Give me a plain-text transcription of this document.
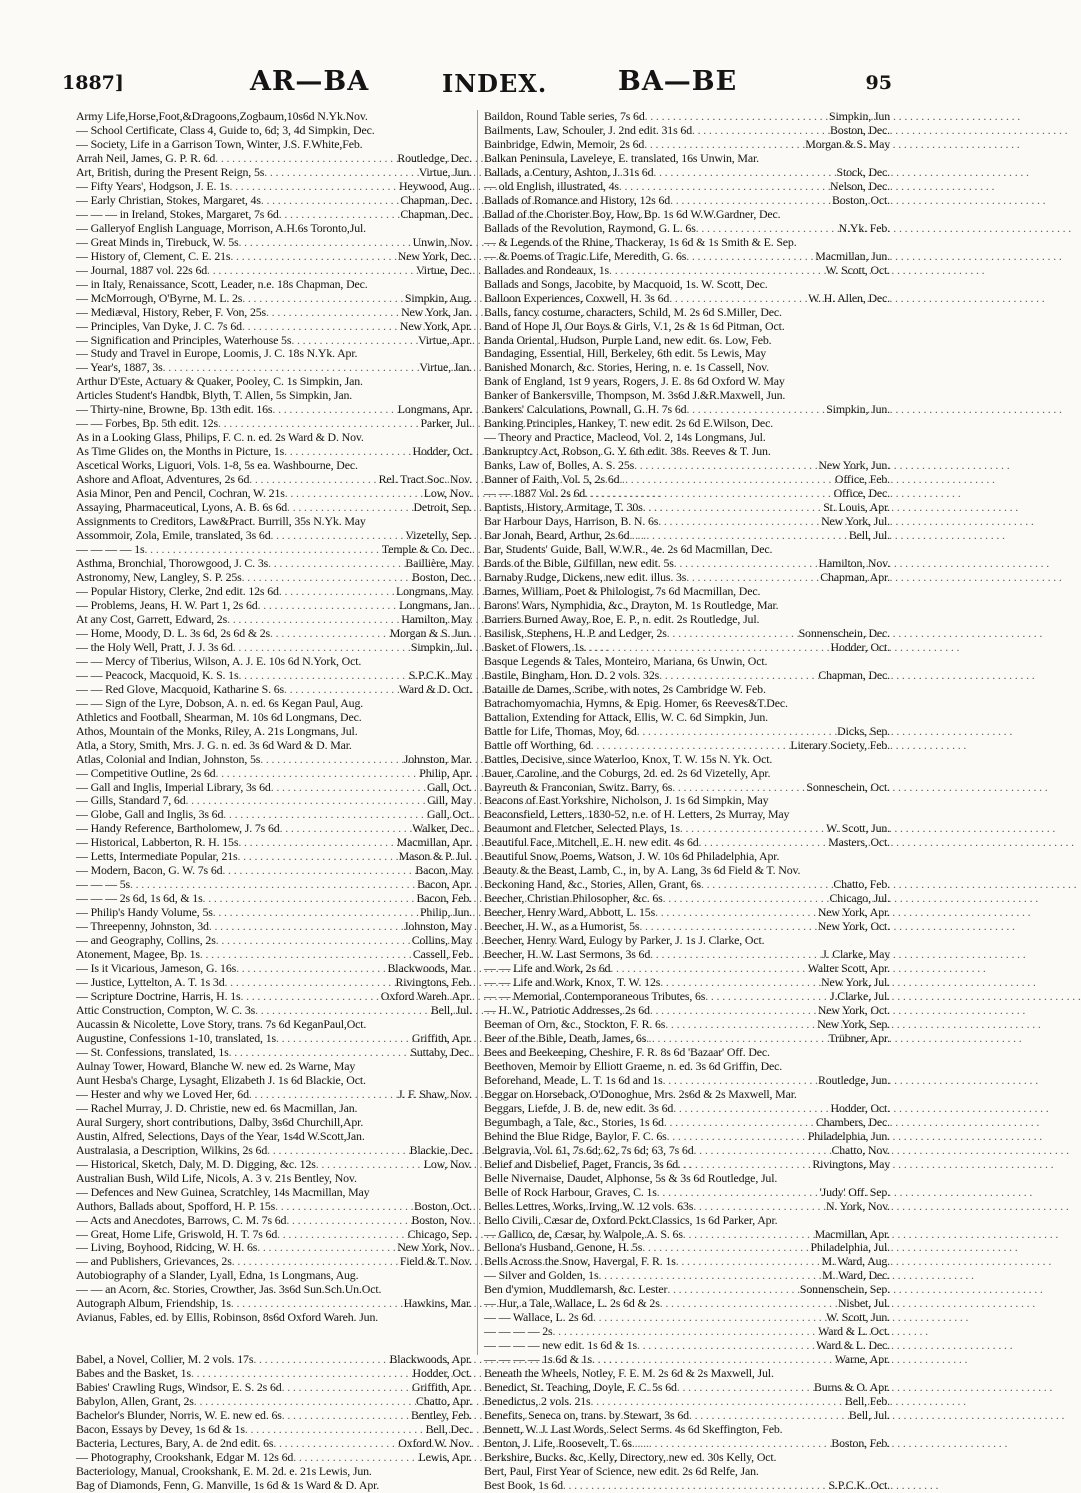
1887]	AR—BA	INDEX.	BA—BE	95
Army Life,Horse,Foot,&Dragoons,Zogbaum,10s6d N.Yk.Nov.
— School Certificate, Class 4, Guide to, 6d; 3, 4d Simpkin, Dec.
— Society, Life in a Garrison Town, Winter, J.S. F.White,Feb.
Arrah Neil, James, G. P. R. 6d . . .	Routledge, Dec.
Art, British, during the Present Reign, 5s . . .	Virtue, Jun.
— Fifty Years', Hodgson, J. E. 1s . . .	Heywood, Aug.
— Early Christian, Stokes, Margaret, 4s . . .	Chapman, Dec.
— — — in Ireland, Stokes, Margaret, 7s 6d . . .	Chapman, Dec.
— Galleryof English Language, Morrison, A.H.6s Toronto,Jul.
— Great Minds in, Tirebuck, W. 5s . . .	Unwin, Nov.
— History of, Clement, C. E. 21s . . .	New York, Dec.
— Journal, 1887 vol. 22s 6d . . .	Virtue, Dec.
— in Italy, Renaissance, Scott, Leader, n.e. 18s Chapman, Dec.
— McMorrough, O'Byrne, M. L. 2s . . .	Simpkin, Aug.
— Mediæval, History, Reber, F. Von, 25s . . .	New York, Jan.
— Principles, Van Dyke, J. C. 7s 6d . . .	New York, Apr.
— Signification and Principles, Waterhouse 5s . . .	Virtue, Apr.
— Study and Travel in Europe, Loomis, J. C. 18s N.Yk. Apr.
— Year's, 1887, 3s . . .	Virtue, Jan.
Arthur D'Este, Actuary & Quaker, Pooley, C. 1s Simpkin, Jan.
Articles Student's Handbk, Blyth, T. Allen, 5s Simpkin, Jan.
— Thirty-nine, Browne, Bp. 13th edit. 16s . . .	Longmans, Apr.
— — Forbes, Bp. 5th edit. 12s . . .	Parker, Jul.
As in a Looking Glass, Philips, F. C. n. ed. 2s Ward & D. Nov.
As Time Glides on, the Months in Picture, 1s . . .	Hodder, Oct.
Ascetical Works, Liguori, Vols. 1-8, 5s ea. Washbourne, Dec.
Ashore and Afloat, Adventures, 2s 6d . . .	Rel. Tract Soc. Nov.
Asia Minor, Pen and Pencil, Cochran, W. 21s . . .	Low, Nov.
Assaying, Pharmaceutical, Lyons, A. B. 6s 6d . . .	Detroit, Sep.
Assignments to Creditors, Law&Pract. Burrill, 35s N.Yk. May
Assommoir, Zola, Emile, translated, 3s 6d . . .	Vizetelly, Sep.
— — — — 1s . . .	Temple & Co. Dec.
Asthma, Bronchial, Thorowgood, J. C. 3s . . .	Baillière, May
Astronomy, New, Langley, S. P. 25s . . .	Boston, Dec.
— Popular History, Clerke, 2nd edit. 12s 6d . . .	Longmans, May
— Problems, Jeans, H. W. Part 1, 2s 6d . . .	Longmans, Jan.
At any Cost, Garrett, Edward, 2s . . .	Hamilton, May
— Home, Moody, D. L. 3s 6d, 2s 6d & 2s . . .	Morgan & S. Jun.
— the Holy Well, Pratt, J. J. 3s 6d . . .	Simpkin, Jul.
— — Mercy of Tiberius, Wilson, A. J. E. 10s 6d N.York, Oct.
— — Peacock, Macquoid, K. S. 1s . . .	S.P.C.K. May
— — Red Glove, Macquoid, Katharine S. 6s . . .	Ward & D. Oct.
— — Sign of the Lyre, Dobson, A. n. ed. 6s Kegan Paul, Aug.
Athletics and Football, Shearman, M. 10s 6d Longmans, Dec.
Athos, Mountain of the Monks, Riley, A. 21s Longmans, Jul.
Atla, a Story, Smith, Mrs. J. G. n. ed. 3s 6d Ward & D. Mar.
Atlas, Colonial and Indian, Johnston, 5s . . .	Johnston, Mar.
— Competitive Outline, 2s 6d . . .	Philip, Apr.
— Gall and Inglis, Imperial Library, 3s 6d . . .	Gall, Oct.
— Gills, Standard 7, 6d . . .	Gill, May
— Globe, Gall and Inglis, 3s 6d . . .	Gall, Oct.
— Handy Reference, Bartholomew, J. 7s 6d . . .	Walker, Dec.
— Historical, Labberton, R. H. 15s . . .	Macmillan, Apr.
— Letts, Intermediate Popular, 21s . . .	Mason & P. Jul.
— Modern, Bacon, G. W. 7s 6d . . .	Bacon, May
— — — 5s . . .	Bacon, Apr.
— — — 2s 6d, 1s 6d, & 1s . . .	Bacon, Feb.
— Philip's Handy Volume, 5s . . .	Philip, Jun.
— Threepenny, Johnston, 3d . . .	Johnston, May
— and Geography, Collins, 2s . . .	Collins, May
Atonement, Magee, Bp. 1s . . .	Cassell, Feb.
— Is it Vicarious, Jameson, G. 16s . . .	Blackwoods, Mar.
— Justice, Lyttelton, A. T. 1s 3d . . .	Rivingtons, Feb.
— Scripture Doctrine, Harris, H. 1s . . .	Oxford Wareh. Apr.
Attic Construction, Compton, W. C. 3s . . .	Bell, Jul.
Aucassin & Nicolette, Love Story, trans. 7s 6d KeganPaul,Oct.
Augustine, Confessions 1-10, translated, 1s . . .	Griffith, Apr.
— St. Confessions, translated, 1s . . .	Suttaby, Dec.
Aulnay Tower, Howard, Blanche W. new ed. 2s Warne, May
Aunt Hesba's Charge, Lysaght, Elizabeth J. 1s 6d Blackie, Oct.
— Hester and why we Loved Her, 6d . . .	J. F. Shaw, Nov.
— Rachel Murray, J. D. Christie, new ed. 6s Macmillan, Jan.
Aural Surgery, short contributions, Dalby, 3s6d Churchill,Apr.
Austin, Alfred, Selections, Days of the Year, 1s4d W.Scott,Jan.
Australasia, a Description, Wilkins, 2s 6d . . .	Blackie, Dec.
— Historical, Sketch, Daly, M. D. Digging, &c. 12s . . .	Low, Nov.
Australian Bush, Wild Life, Nicols, A. 3 v. 21s Bentley, Nov.
— Defences and New Guinea, Scratchley, 14s Macmillan, May
Authors, Ballads about, Spofford, H. P. 15s . . .	Boston, Oct.
— Acts and Anecdotes, Barrows, C. M. 7s 6d . . .	Boston, Nov.
— Great, Home Life, Griswold, H. T. 7s 6d . . .	Chicago, Sep.
— Living, Boyhood, Ridcing, W. H. 6s . . .	New York, Nov.
— and Publishers, Grievances, 2s . . .	Field & T. Nov.
Autobiography of a Slander, Lyall, Edna, 1s Longmans, Aug.
— — an Acorn, &c. Stories, Crowther, Jas. 3s6d Sun.Sch.Un.Oct.
Autograph Album, Friendship, 1s . . .	Hawkins, Mar.
Avianus, Fables, ed. by Ellis, Robinson, 8s6d Oxford Wareh. Jun.
Babel, a Novel, Collier, M. 2 vols. 17s . . .	Blackwoods, Apr.
Babes and the Basket, 1s . . .	Hodder, Oct.
Babies' Crawling Rugs, Windsor, E. S. 2s 6d . . .	Griffith, Apr.
Babylon, Allen, Grant, 2s . . .	Chatto, Apr.
Bachelor's Blunder, Norris, W. E. new ed. 6s . . .	Bentley, Feb.
Bacon, Essays by Devey, 1s 6d & 1s . . .	Bell, Dec.
Bacteria, Lectures, Bary, A. de 2nd edit. 6s . . .	Oxford W. Nov.
— Photography, Crookshank, Edgar M. 12s 6d . . .	Lewis, Apr.
Bacteriology, Manual, Crookshank, E. M. 2d. e. 21s Lewis, Jun.
Bag of Diamonds, Fenn, G. Manville, 1s 6d & 1s Ward & D. Apr.
Baildon, Round Table series, 7s 6d . . .	Simpkin, Jun
Bailments, Law, Schouler, J. 2nd edit. 31s 6d . . .	Boston, Dec.
Bainbridge, Edwin, Memoir, 2s 6d . . .	Morgan & S. May
Balkan Peninsula, Laveleye, E. translated, 16s Unwin, Mar.
Ballads, a Century, Ashton, J. 31s 6d . . .	Stock, Dec.
— old English, illustrated, 4s . . .	Nelson, Dec.
Ballads of Romance and History, 12s 6d . . .	Boston, Oct.
Ballad of the Chorister Boy, How, Bp. 1s 6d W.W.Gardner, Dec.
Ballads of the Revolution, Raymond, G. L. 6s . . .	N.Yk. Feb.
— & Legends of the Rhine, Thackeray, 1s 6d & 1s Smith & E. Sep.
— & Poems of Tragic Life, Meredith, G. 6s . . .	Macmillan, Jun.
Ballades and Rondeaux, 1s . . .	W. Scott, Oct.
Ballads and Songs, Jacobite, by Macquoid, 1s. W. Scott, Dec.
Balloon Experiences, Coxwell, H. 3s 6d . . .	W. H. Allen, Dec.
Balls, fancy costume, characters, Schild, M. 2s 6d S.Miller, Dec.
Band of Hope Jl, Our Boys & Girls, V.1, 2s & 1s 6d Pitman, Oct.
Banda Oriental, Hudson, Purple Land, new edit. 6s. Low, Feb.
Bandaging, Essential, Hill, Berkeley, 6th edit. 5s Lewis, May
Banished Monarch, &c. Stories, Hering, n. e. 1s Cassell, Nov.
Bank of England, 1st 9 years, Rogers, J. E. 8s 6d Oxford W. May
Banker of Bankersville, Thompson, M. 3s6d J.&R.Maxwell, Jun.
Bankers' Calculations, Pownall, G. H. 7s 6d . . .	Simpkin, Jun.
Banking Principles, Hankey, T. new edit. 2s 6d E.Wilson, Dec.
— Theory and Practice, Macleod, Vol. 2, 14s Longmans, Jul.
Bankruptcy Act, Robson, G. Y. 6th edit. 38s. Reeves & T. Jun.
Banks, Law of, Bolles, A. S. 25s . . .	New York, Jun.
Banner of Faith, Vol. 5, 2s 6d . . .	Office, Feb.
— — 1887 Vol. 2s 6d . . .	Office, Dec.
Baptists, History, Armitage, T. 30s . . .	St. Louis, Apr.
Bar Harbour Days, Harrison, B. N. 6s . . .	New York, Jul.
Bar Jonah, Beard, Arthur, 2s 6d . . .	Bell, Jul.
Bar, Students' Guide, Ball, W.W.R., 4e. 2s 6d Macmillan, Dec.
Bards of the Bible, Gilfillan, new edit. 5s . . .	Hamilton, Nov.
Barnaby Rudge, Dickens, new edit. illus. 3s . . .	Chapman, Apr.
Barnes, William, Poet & Philologist, 7s 6d Macmillan, Dec.
Barons' Wars, Nymphidia, &c., Drayton, M. 1s Routledge, Mar.
Barriers Burned Away, Roe, E. P., n. edit. 2s Routledge, Jul.
Basilisk, Stephens, H. P. and Ledger, 2s . . .	Sonnenschein, Dec.
Basket of Flowers, 1s . . .	Hodder, Oct.
Basque Legends & Tales, Monteiro, Mariana, 6s Unwin, Oct.
Bastile, Bingham, Hon. D. 2 vols. 32s . . .	Chapman, Dec.
Bataille de Dames, Scribe, with notes, 2s Cambridge W. Feb.
Batrachomyomachia, Hymns, & Epig. Homer, 6s Reeves&T.Dec.
Battalion, Extending for Attack, Ellis, W. C. 6d Simpkin, Jun.
Battle for Life, Thomas, Moy, 6d . . .	Dicks, Sep.
Battle off Worthing, 6d . . .	Literary Society, Feb.
Battles, Decisive, since Waterloo, Knox, T. W. 15s N. Yk. Oct.
Bauer, Caroline, and the Coburgs, 2d. ed. 2s 6d Vizetelly, Apr.
Bayreuth & Franconian, Switz. Barry, 6s . . .	Sonneschein, Oct.
Beacons of East Yorkshire, Nicholson, J. 1s 6d Simpkin, May
Beaconsfield, Letters, 1830-52, n.e. of H. Letters, 2s Murray, May
Beaumont and Fletcher, Selected Plays, 1s . . .	W. Scott, Jun.
Beautiful Face, Mitchell, E. H. new edit. 4s 6d . . .	Masters, Oct.
Beautiful Snow, Poems, Watson, J. W. 10s 6d Philadelphia, Apr.
Beauty & the Beast, Lamb, C., in, by A. Lang, 3s 6d Field & T. Nov.
Beckoning Hand, &c., Stories, Allen, Grant, 6s . . .	Chatto, Feb.
Beecher, Christian Philosopher, &c. 6s . . .	Chicago, Jul.
Beecher, Henry Ward, Abbott, L. 15s . . .	New York, Apr.
Beecher, H. W., as a Humorist, 5s . . .	New York, Oct.
Beecher, Henry Ward, Eulogy by Parker, J. 1s J. Clarke, Oct.
Beecher, H. W. Last Sermons, 3s 6d . . .	J. Clarke, May
— — Life and Work, 2s 6d . . .	Walter Scott, Apr.
— — Life and Work, Knox, T. W. 12s . . .	New York, Jul.
— — Memorial, Contemporaneous Tributes, 6s . . .	J.Clarke, Jul.
— H. W., Patriotic Addresses, 2s 6d . . .	New York, Oct.
Beeman of Orn, &c., Stockton, F. R. 6s . . .	New York, Sep.
Beer of the Bible, Death, James, 6s . . .	Trübner, Apr.
Bees and Beekeeping, Cheshire, F. R. 8s 6d 'Bazaar' Off. Dec.
Beethoven, Memoir by Elliott Graeme, n. ed. 3s 6d Griffin, Dec.
Beforehand, Meade, L. T. 1s 6d and 1s . . .	Routledge, Jun.
Beggar on Horseback, O'Donoghue, Mrs. 2s6d & 2s Maxwell, Mar.
Beggars, Liefde, J. B. de, new edit. 3s 6d . . .	Hodder, Oct.
Begumbagh, a Tale, &c., Stories, 1s 6d . . .	Chambers, Dec.
Behind the Blue Ridge, Baylor, F. C. 6s . . .	Philadelphia, Jun.
Belgravia, Vol. 61, 7s 6d; 62, 7s 6d; 63, 7s 6d . . .	Chatto, Nov.
Belief and Disbelief, Paget, Francis, 3s 6d . . .	Rivingtons, May
Belle Nivernaise, Daudet, Alphonse, 5s & 3s 6d Routledge, Jul.
Belle of Rock Harbour, Graves, C. 1s . . .	'Judy' Off. Sep.
Belles Lettres, Works, Irving, W. 12 vols. 63s . . .	N. York, Nov.
Bello Civili, Cæsar de, Oxford Pckt.Classics, 1s 6d Parker, Apr.
— Gallico, de, Cæsar, by Walpole, A. S. 6s . . .	Macmillan, Apr.
Bellona's Husband, Genone, H. 5s . . .	Philadelphia, Jul.
Bells Across the Snow, Havergal, F. R. 1s . . .	M. Ward, Aug.
— Silver and Golden, 1s . . .	M. Ward, Dec.
Ben d'ymion, Muddlemarsh, &c. Lester . . .	Sonnenschein, Sep.
— Hur, a Tale, Wallace, L. 2s 6d & 2s . . .	Nisbet, Jul.
— — Wallace, L. 2s 6d . . .	W. Scott, Jun.
— — — — 2s . . .	Ward & L. Oct.
— — — — new edit. 1s 6d & 1s . . .	Ward & L. Dec.
— — — — 1s 6d & 1s . . .	Warne, Apr.
Beneath the Wheels, Notley, F. E. M. 2s 6d & 2s Maxwell, Jul.
Benedict, St. Teaching, Doyle, F. C. 5s 6d . . .	Burns & O. Apr.
Benedictus, 2 vols. 21s . . .	Bell, Feb.
Benefits, Seneca on, trans. by Stewart, 3s 6d . . .	Bell, Jul.
Bennett, W. J. Last Words, Select Serms. 4s 6d Skeffington, Feb.
Benton, J. Life, Roosevelt, T. 6s . . .	Boston, Feb.
Berkshire, Bucks. &c, Kelly, Directory, new ed. 30s Kelly, Oct.
Bert, Paul, First Year of Science, new edit. 2s 6d Relfe, Jan.
Best Book, 1s 6d . . .	S.P.C.K. Oct.
